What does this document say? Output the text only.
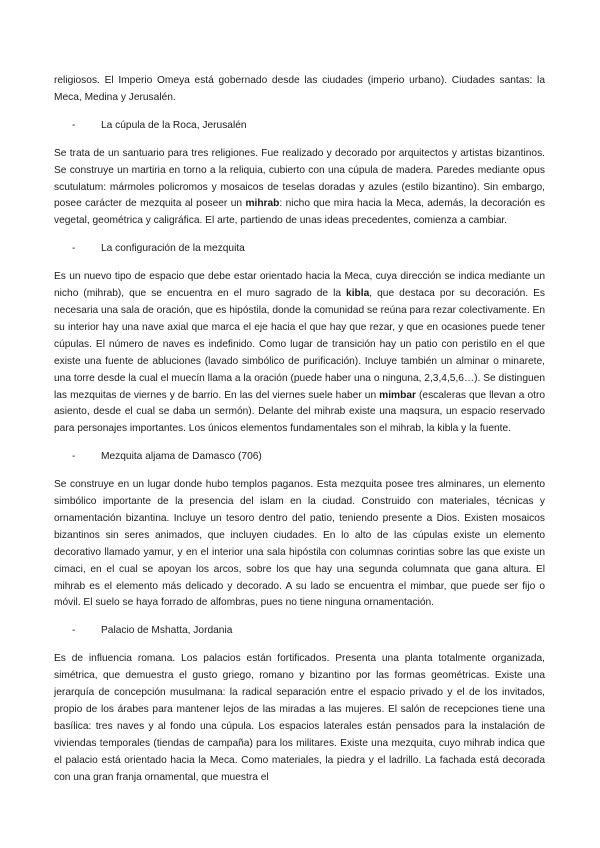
religiosos. El Imperio Omeya está gobernado desde las ciudades (imperio urbano). Ciudades santas: la Meca, Medina y Jerusalén.

-	La cúpula de la Roca, Jerusalén

Se trata de un santuario para tres religiones. Fue realizado y decorado por arquitectos y artistas bizantinos. Se construye un martiria en torno a la reliquia, cubierto con una cúpula de madera. Paredes mediante opus scutulatum: mármoles policromos y mosaicos de teselas doradas y azules (estilo bizantino). Sin embargo, posee carácter de mezquita al poseer un mihrab: nicho que mira hacia la Meca, además, la decoración es vegetal, geométrica y caligráfica. El arte, partiendo de unas ideas precedentes, comienza a cambiar.

-	La configuración de la mezquita

Es un nuevo tipo de espacio que debe estar orientado hacia la Meca, cuya dirección se indica mediante un nicho (mihrab), que se encuentra en el muro sagrado de la kibla, que destaca por su decoración. Es necesaria una sala de oración, que es hipóstila, donde la comunidad se reúna para rezar colectivamente. En su interior hay una nave axial que marca el eje hacia el que hay que rezar, y que en ocasiones puede tener cúpulas. El número de naves es indefinido. Como lugar de transición hay un patio con peristilo en el que existe una fuente de abluciones (lavado simbólico de purificación). Incluye también un alminar o minarete, una torre desde la cual el muecín llama a la oración (puede haber una o ninguna, 2,3,4,5,6…). Se distinguen las mezquitas de viernes y de barrio. En las del viernes suele haber un mimbar (escaleras que llevan a otro asiento, desde el cual se daba un sermón). Delante del mihrab existe una maqsura, un espacio reservado para personajes importantes. Los únicos elementos fundamentales son el mihrab, la kibla y la fuente.

-	Mezquita aljama de Damasco (706)

Se construye en un lugar donde hubo templos paganos. Esta mezquita posee tres alminares, un elemento simbólico importante de la presencia del islam en la ciudad. Construido con materiales, técnicas y ornamentación bizantina. Incluye un tesoro dentro del patio, teniendo presente a Dios. Existen mosaicos bizantinos sin seres animados, que incluyen ciudades. En lo alto de las cúpulas existe un elemento decorativo llamado yamur, y en el interior una sala hipóstila con columnas corintias sobre las que existe un cimaci, en el cual se apoyan los arcos, sobre los que hay una segunda columnata que gana altura. El mihrab es el elemento más delicado y decorado. A su lado se encuentra el mimbar, que puede ser fijo o móvil. El suelo se haya forrado de alfombras, pues no tiene ninguna ornamentación.

-	Palacio de Mshatta, Jordania

Es de influencia romana. Los palacios están fortificados. Presenta una planta totalmente organizada, simétrica, que demuestra el gusto griego, romano y bizantino por las formas geométricas. Existe una jerarquía de concepción musulmana: la radical separación entre el espacio privado y el de los invitados, propio de los árabes para mantener lejos de las miradas a las mujeres. El salón de recepciones tiene una basílica: tres naves y al fondo una cúpula. Los espacios laterales están pensados para la instalación de viviendas temporales (tiendas de campaña) para los militares. Existe una mezquita, cuyo mihrab indica que el palacio está orientado hacia la Meca. Como materiales, la piedra y el ladrillo. La fachada está decorada con una gran franja ornamental, que muestra el
